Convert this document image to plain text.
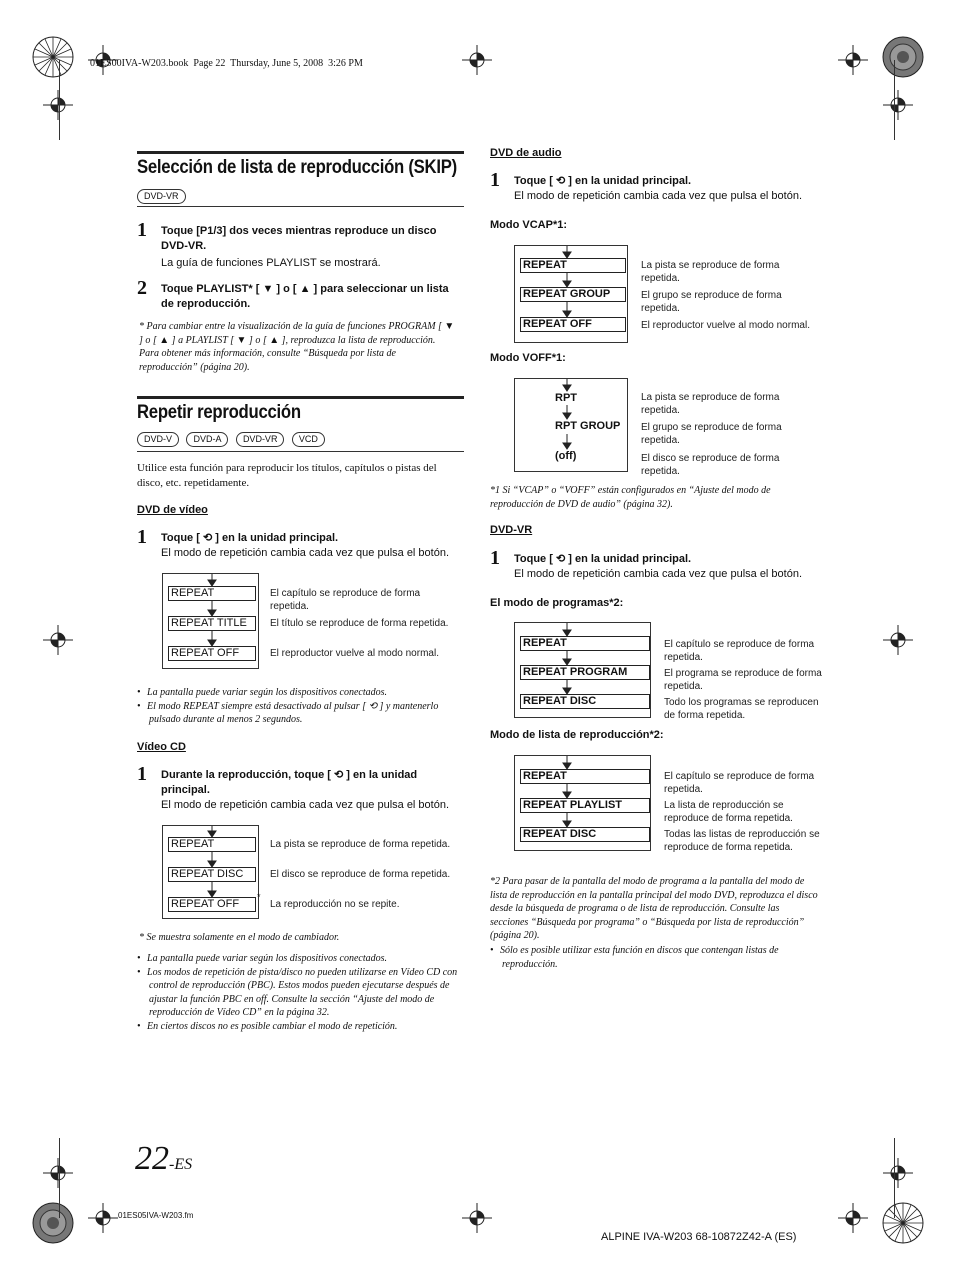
01ES00IVA-W203.book  Page 22  Thursday, June 5, 2008  3:26 PM
Selección de lista de reproducción (SKIP)
DVD-VR
1 Toque [P1/3] dos veces mientras reproduce un disco DVD-VR.
La guía de funciones PLAYLIST se mostrará.
2 Toque PLAYLIST* [ ▼ ] o [ ▲ ] para seleccionar un lista de reproducción.
* Para cambiar entre la visualización de la guía de funciones PROGRAM [ ▼ ] o [ ▲ ] a PLAYLIST [ ▼ ] o [ ▲ ], reproduzca la lista de reproducción. Para obtener más información, consulte “Búsqueda por lista de reproducción” (página 20).
Repetir reproducción
DVD-V DVD-A DVD-VR VCD
Utilice esta función para reproducir los títulos, capítulos o pistas del disco, etc. repetidamente.
DVD de vídeo
1 Toque [ ⟲ ] en la unidad principal.
El modo de repetición cambia cada vez que pulsa el botón.
REPEAT
REPEAT TITLE
REPEAT OFF
El capítulo se reproduce de forma repetida.
El título se reproduce de forma repetida.
El reproductor vuelve al modo normal.
• La pantalla puede variar según los dispositivos conectados.
• El modo REPEAT siempre está desactivado al pulsar [ ⟲ ] y mantenerlo pulsado durante al menos 2 segundos.
Vídeo CD
1 Durante la reproducción, toque [ ⟲ ] en la unidad principal.
El modo de repetición cambia cada vez que pulsa el botón.
REPEAT
REPEAT DISC
REPEAT OFF
*
La pista se reproduce de forma repetida.
El disco se reproduce de forma repetida.
La reproducción no se repite.
* Se muestra solamente en el modo de cambiador.
• La pantalla puede variar según los dispositivos conectados.
• Los modos de repetición de pista/disco no pueden utilizarse en Vídeo CD con control de reproducción (PBC). Estos modos pueden ejecutarse después de ajustar la función PBC en off. Consulte la sección “Ajuste del modo de reproducción de Vídeo CD” en la página 32.
• En ciertos discos no es posible cambiar el modo de repetición.
DVD de audio
1 Toque [ ⟲ ] en la unidad principal.
El modo de repetición cambia cada vez que pulsa el botón.
Modo VCAP*1:
REPEAT
REPEAT GROUP
REPEAT OFF
La pista se reproduce de forma repetida.
El grupo se reproduce de forma repetida.
El reproductor vuelve al modo normal.
Modo VOFF*1:
RPT
RPT GROUP
(off)
La pista se reproduce de forma repetida.
El grupo se reproduce de forma repetida.
El disco se reproduce de forma repetida.
*1 Si “VCAP” o “VOFF” están configurados en “Ajuste del modo de reproducción de DVD de audio” (página 32).
DVD-VR
1 Toque [ ⟲ ] en la unidad principal.
El modo de repetición cambia cada vez que pulsa el botón.
El modo de programas*2:
REPEAT
REPEAT PROGRAM
REPEAT DISC
El capítulo se reproduce de forma repetida.
El programa se reproduce de forma repetida.
Todo los programas se reproducen de forma repetida.
Modo de lista de reproducción*2:
REPEAT
REPEAT PLAYLIST
REPEAT DISC
El capítulo se reproduce de forma repetida.
La lista de reproducción se reproduce de forma repetida.
Todas las listas de reproducción se reproduce de forma repetida.
*2 Para pasar de la pantalla del modo de programa a la pantalla del modo de lista de reproducción en la pantalla principal del modo DVD, reproduzca el disco desde la búsqueda de programa o de lista de reproducción. Consulte las secciones “Búsqueda por programa” o “Búsqueda por lista de reproducción” (página 20).
• Sólo es posible utilizar esta función en discos que contengan listas de reproducción.
22-ES
01ES05IVA-W203.fm
ALPINE IVA-W203 68-10872Z42-A (ES)
